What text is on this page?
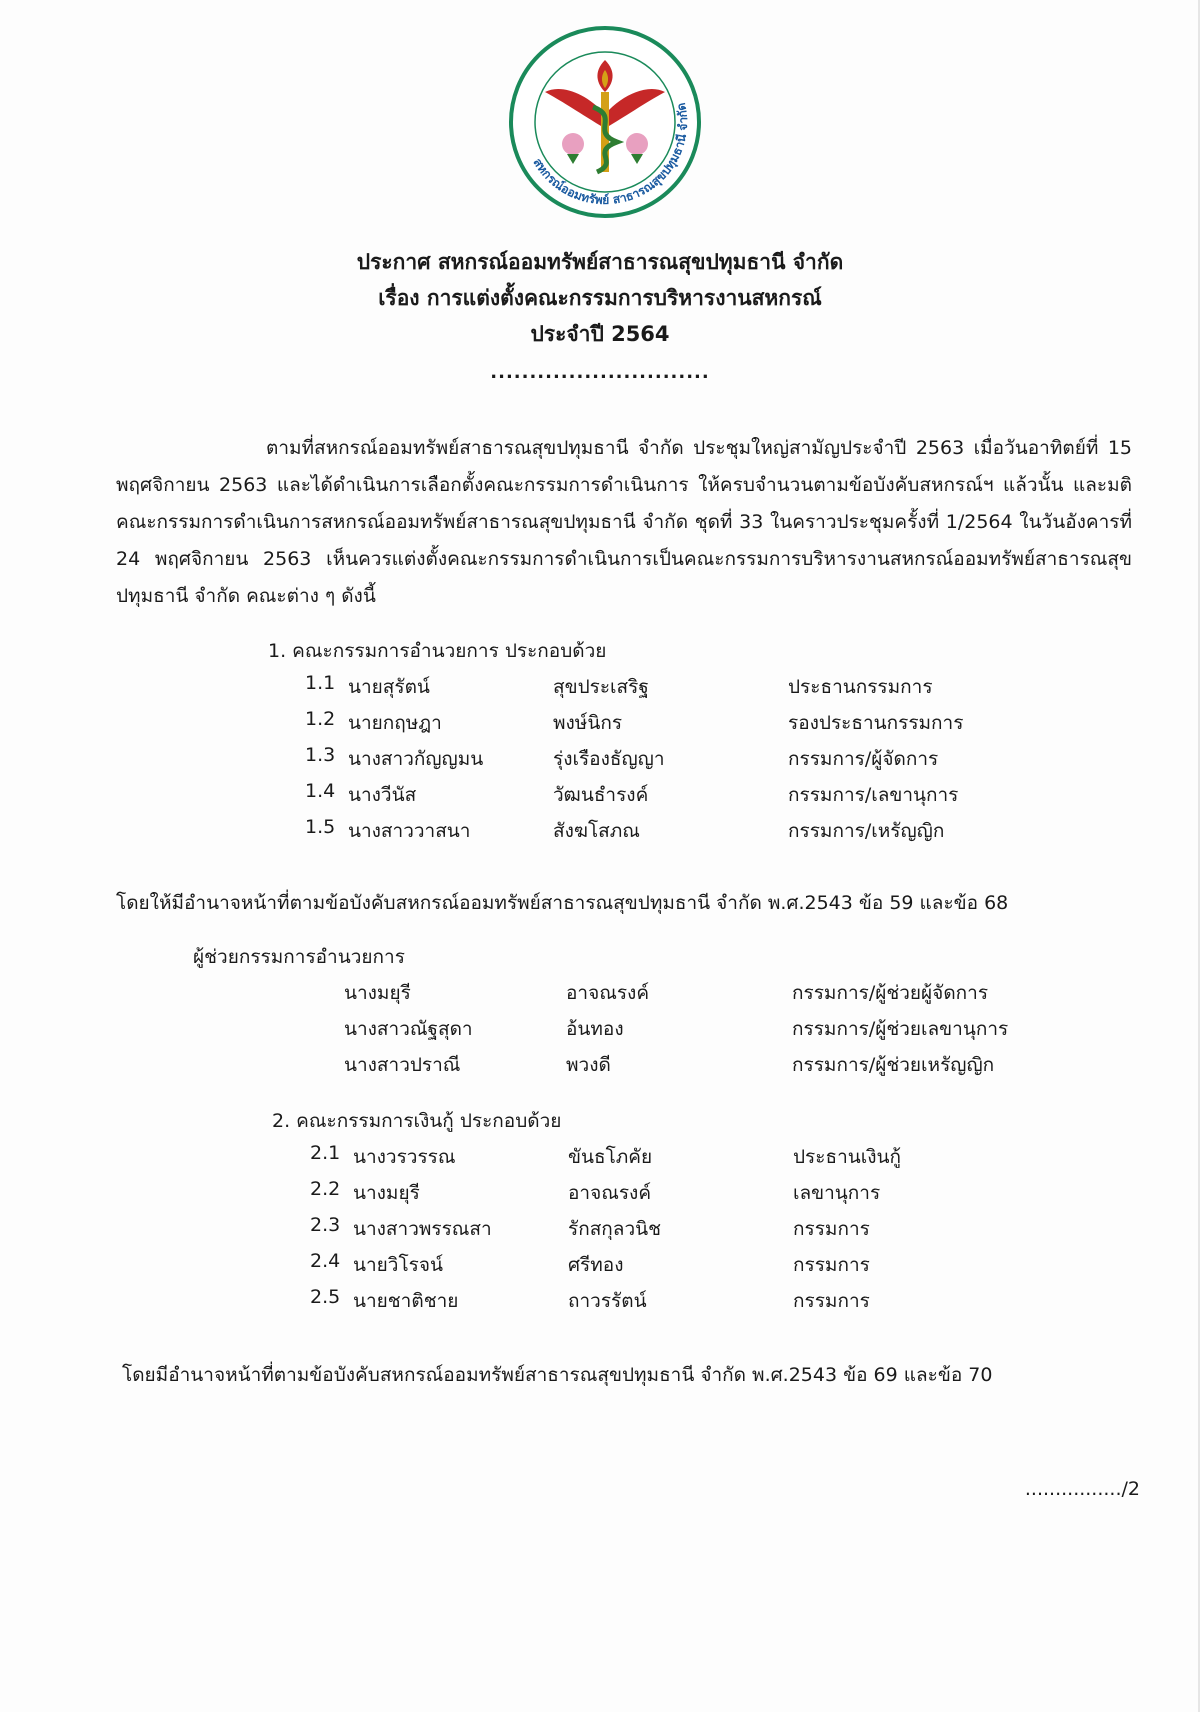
สหกรณ์ออมทรัพย์ สาธารณสุขปทุมธานี จำกัด
ประกาศ สหกรณ์ออมทรัพย์สาธารณสุขปทุมธานี จำกัด
เรื่อง การแต่งตั้งคณะกรรมการบริหารงานสหกรณ์
ประจำปี 2564
............................
ตามที่สหกรณ์ออมทรัพย์สาธารณสุขปทุมธานี จำกัด ประชุมใหญ่สามัญประจำปี 2563 เมื่อวันอาทิตย์ที่ 15 พฤศจิกายน 2563 และได้ดำเนินการเลือกตั้งคณะกรรมการดำเนินการ ให้ครบจำนวนตามข้อบังคับสหกรณ์ฯ แล้วนั้น และมติคณะกรรมการดำเนินการสหกรณ์ออมทรัพย์สาธารณสุขปทุมธานี จำกัด ชุดที่ 33 ในคราวประชุมครั้งที่ 1/2564 ในวันอังคารที่ 24 พฤศจิกายน 2563 เห็นควรแต่งตั้งคณะกรรมการดำเนินการเป็นคณะกรรมการบริหารงานสหกรณ์ออมทรัพย์สาธารณสุขปทุมธานี จำกัด คณะต่าง ๆ ดังนี้
1. คณะกรรมการอำนวยการ ประกอบด้วย
1.1 นายสุรัตน์	สุขประเสริฐ	ประธานกรรมการ
1.2 นายกฤษฎา	พงษ์นิกร	รองประธานกรรมการ
1.3 นางสาวกัญญมน	รุ่งเรืองธัญญา	กรรมการ/ผู้จัดการ
1.4 นางวีนัส	วัฒนธำรงค์	กรรมการ/เลขานุการ
1.5 นางสาววาสนา	สังฆโสภณ	กรรมการ/เหรัญญิก
โดยให้มีอำนาจหน้าที่ตามข้อบังคับสหกรณ์ออมทรัพย์สาธารณสุขปทุมธานี จำกัด พ.ศ.2543 ข้อ 59 และข้อ 68
ผู้ช่วยกรรมการอำนวยการ
นางมยุรี	อาจณรงค์	กรรมการ/ผู้ช่วยผู้จัดการ
นางสาวณัฐสุดา	อ้นทอง	กรรมการ/ผู้ช่วยเลขานุการ
นางสาวปราณี	พวงดี	กรรมการ/ผู้ช่วยเหรัญญิก
2. คณะกรรมการเงินกู้ ประกอบด้วย
2.1 นางวรวรรณ	ขันธโภคัย	ประธานเงินกู้
2.2 นางมยุรี	อาจณรงค์	เลขานุการ
2.3 นางสาวพรรณสา	รักสกุลวนิช	กรรมการ
2.4 นายวิโรจน์	ศรีทอง	กรรมการ
2.5 นายชาติชาย	ถาวรรัตน์	กรรมการ
โดยมีอำนาจหน้าที่ตามข้อบังคับสหกรณ์ออมทรัพย์สาธารณสุขปทุมธานี จำกัด พ.ศ.2543 ข้อ 69 และข้อ 70
................/2
